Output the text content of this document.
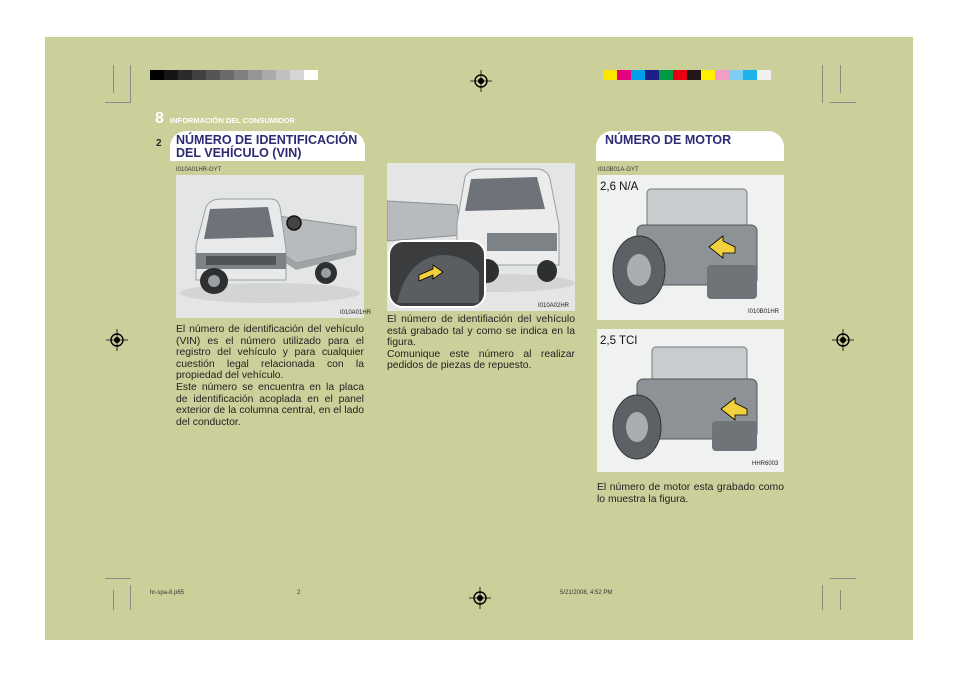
8 INFORMACIÓN DEL CONSUMIDOR
2 NÚMERO DE IDENTIFICACIÓN
DEL VEHÍCULO (VIN)
NÚMERO DE MOTOR
I010A01HR-GYT	I010B01A-GYT
I010A01HR
I010A02HR

El número de identificación del vehículo (VIN) es el número utilizado para el registro del vehículo y para cualquier cuestión legal relacionada con la propiedad del vehículo.

Este número se encuentra en la placa de identificación acoplada en el panel exterior de la columna central, en el lado del conductor.

El número de identifiación del vehículo está grabado tal y como se indica en la figura.

Comunique este número al realizar pedidos de piezas de repuesto.

2,6 N/A
I010B01HR
2,5 TCI
HHR6003

El número de motor esta grabado como lo muestra la figura.

hr-spa-8.p65	2	5/21/2008, 4:52 PM
